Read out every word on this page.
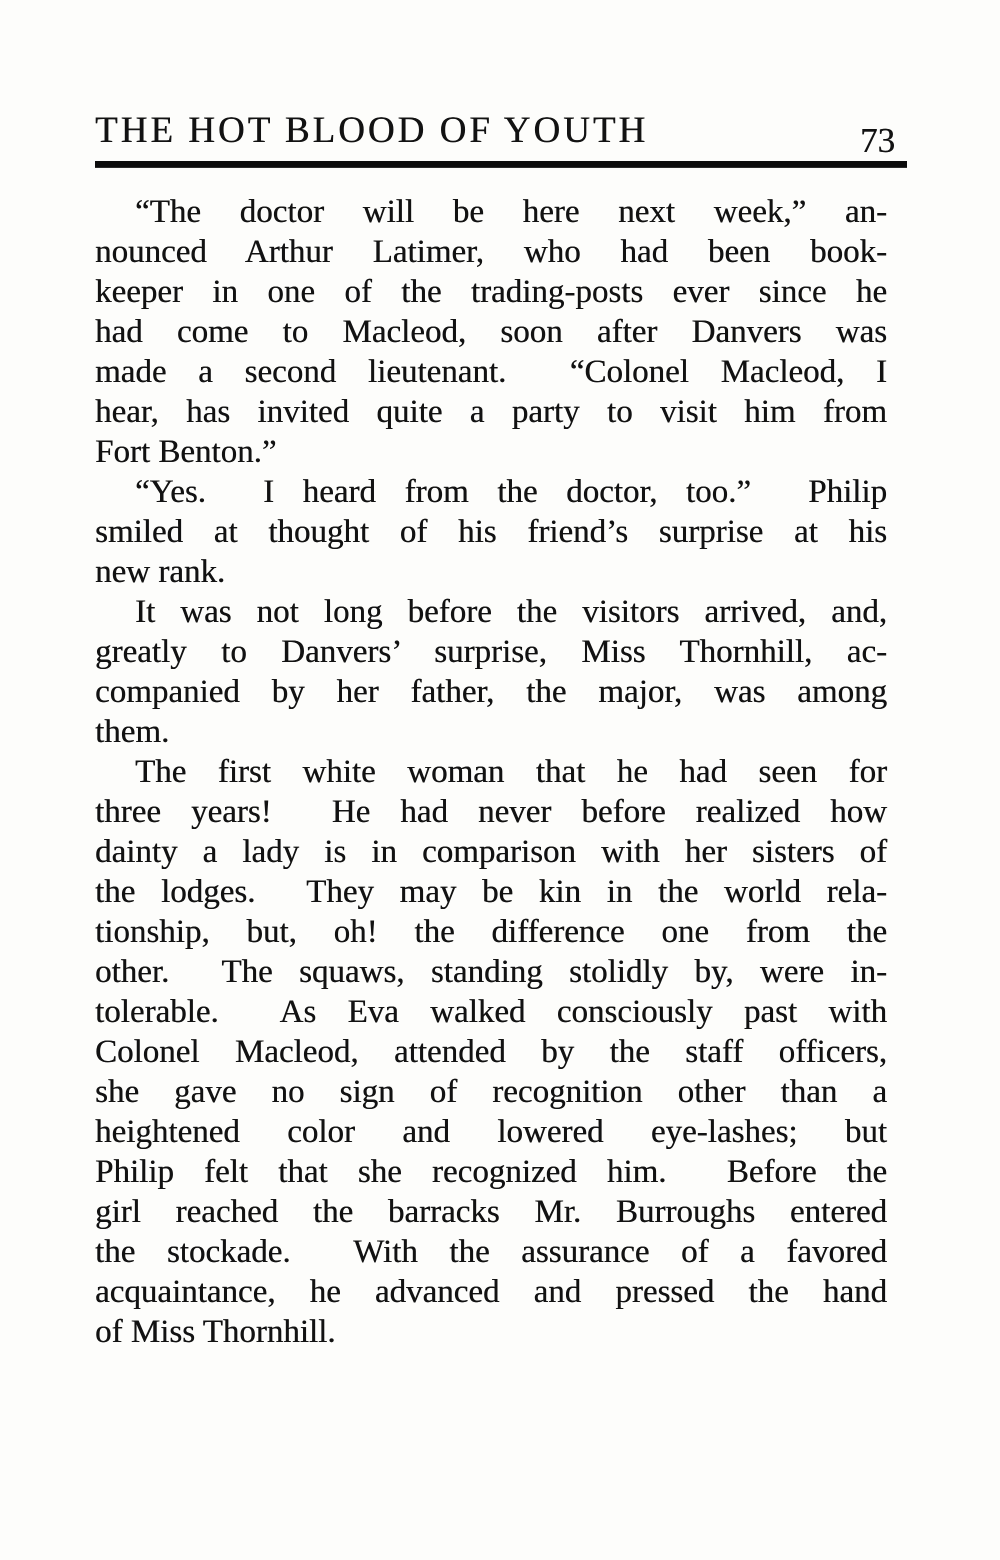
THE HOT BLOOD OF YOUTH	73
“The doctor will be here next week,” an-
nounced Arthur Latimer, who had been book-
keeper in one of the trading-posts ever since he
had come to Macleod, soon after Danvers was
made a second lieutenant.  “Colonel Macleod, I
hear, has invited quite a party to visit him from
Fort Benton.”
“Yes.  I heard from the doctor, too.”  Philip
smiled at thought of his friend’s surprise at his
new rank.
It was not long before the visitors arrived, and,
greatly to Danvers’ surprise, Miss Thornhill, ac-
companied by her father, the major, was among
them.
The first white woman that he had seen for
three years!  He had never before realized how
dainty a lady is in comparison with her sisters of
the lodges.  They may be kin in the world rela-
tionship, but, oh! the difference one from the
other.  The squaws, standing stolidly by, were in-
tolerable.  As Eva walked consciously past with
Colonel Macleod, attended by the staff officers,
she gave no sign of recognition other than a
heightened color and lowered eye-lashes; but
Philip felt that she recognized him.  Before the
girl reached the barracks Mr. Burroughs entered
the stockade.  With the assurance of a favored
acquaintance, he advanced and pressed the hand
of Miss Thornhill.
